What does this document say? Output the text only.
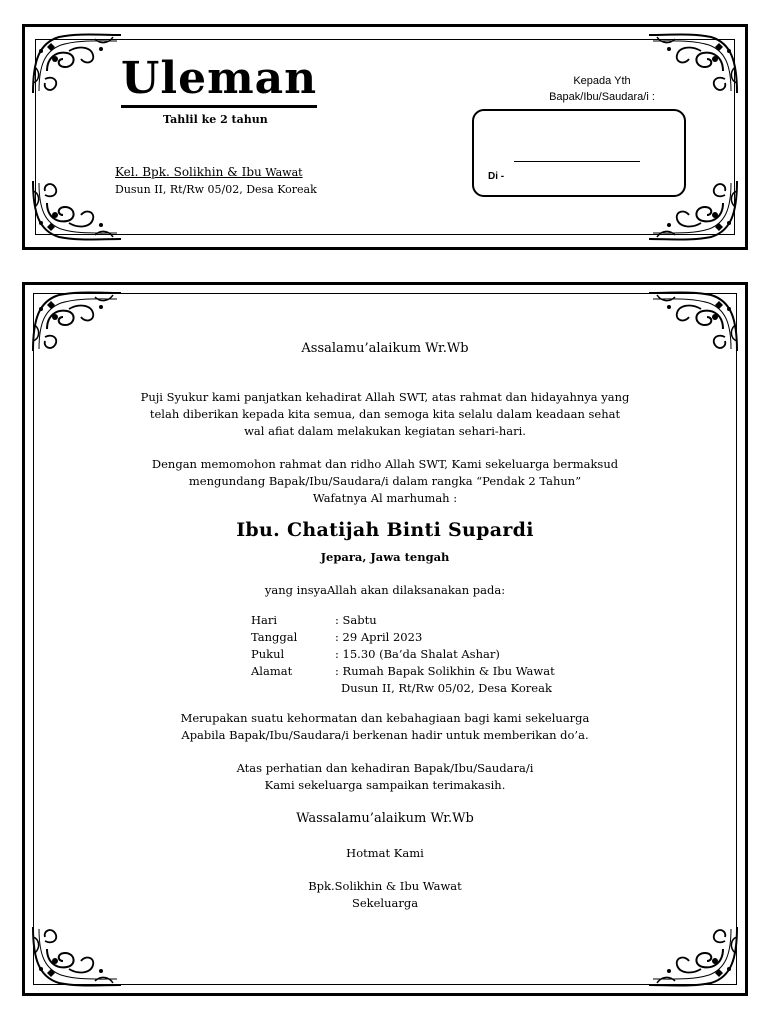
Uleman
Tahlil ke 2 tahun
Kel. Bpk. Solikhin & Ibu Wawat
Dusun II, Rt/Rw 05/02, Desa Koreak
Kepada Yth
Bapak/Ibu/Saudara/i :
Di -
Assalamu’alaikum Wr.Wb
Puji Syukur kami panjatkan kehadirat Allah SWT, atas rahmat dan hidayahnya yang
telah diberikan kepada kita semua, dan semoga kita selalu dalam keadaan sehat
wal afiat dalam melakukan kegiatan sehari-hari.
Dengan memomohon rahmat dan ridho Allah SWT, Kami sekeluarga bermaksud
mengundang Bapak/Ibu/Saudara/i dalam rangka “Pendak 2 Tahun”
Wafatnya Al marhumah :
Ibu. Chatijah Binti Supardi
Jepara, Jawa tengah
yang insyaAllah akan dilaksanakan pada:
Hari	: Sabtu
Tanggal	: 29 April 2023
Pukul	: 15.30 (Ba’da Shalat Ashar)
Alamat	: Rumah Bapak Solikhin & Ibu Wawat
Dusun II, Rt/Rw 05/02, Desa Koreak
Merupakan suatu kehormatan dan kebahagiaan bagi kami sekeluarga
Apabila Bapak/Ibu/Saudara/i berkenan hadir untuk memberikan do’a.
Atas perhatian dan kehadiran Bapak/Ibu/Saudara/i
Kami sekeluarga sampaikan terimakasih.
Wassalamu’alaikum Wr.Wb
Hotmat Kami
Bpk.Solikhin & Ibu Wawat
Sekeluarga
